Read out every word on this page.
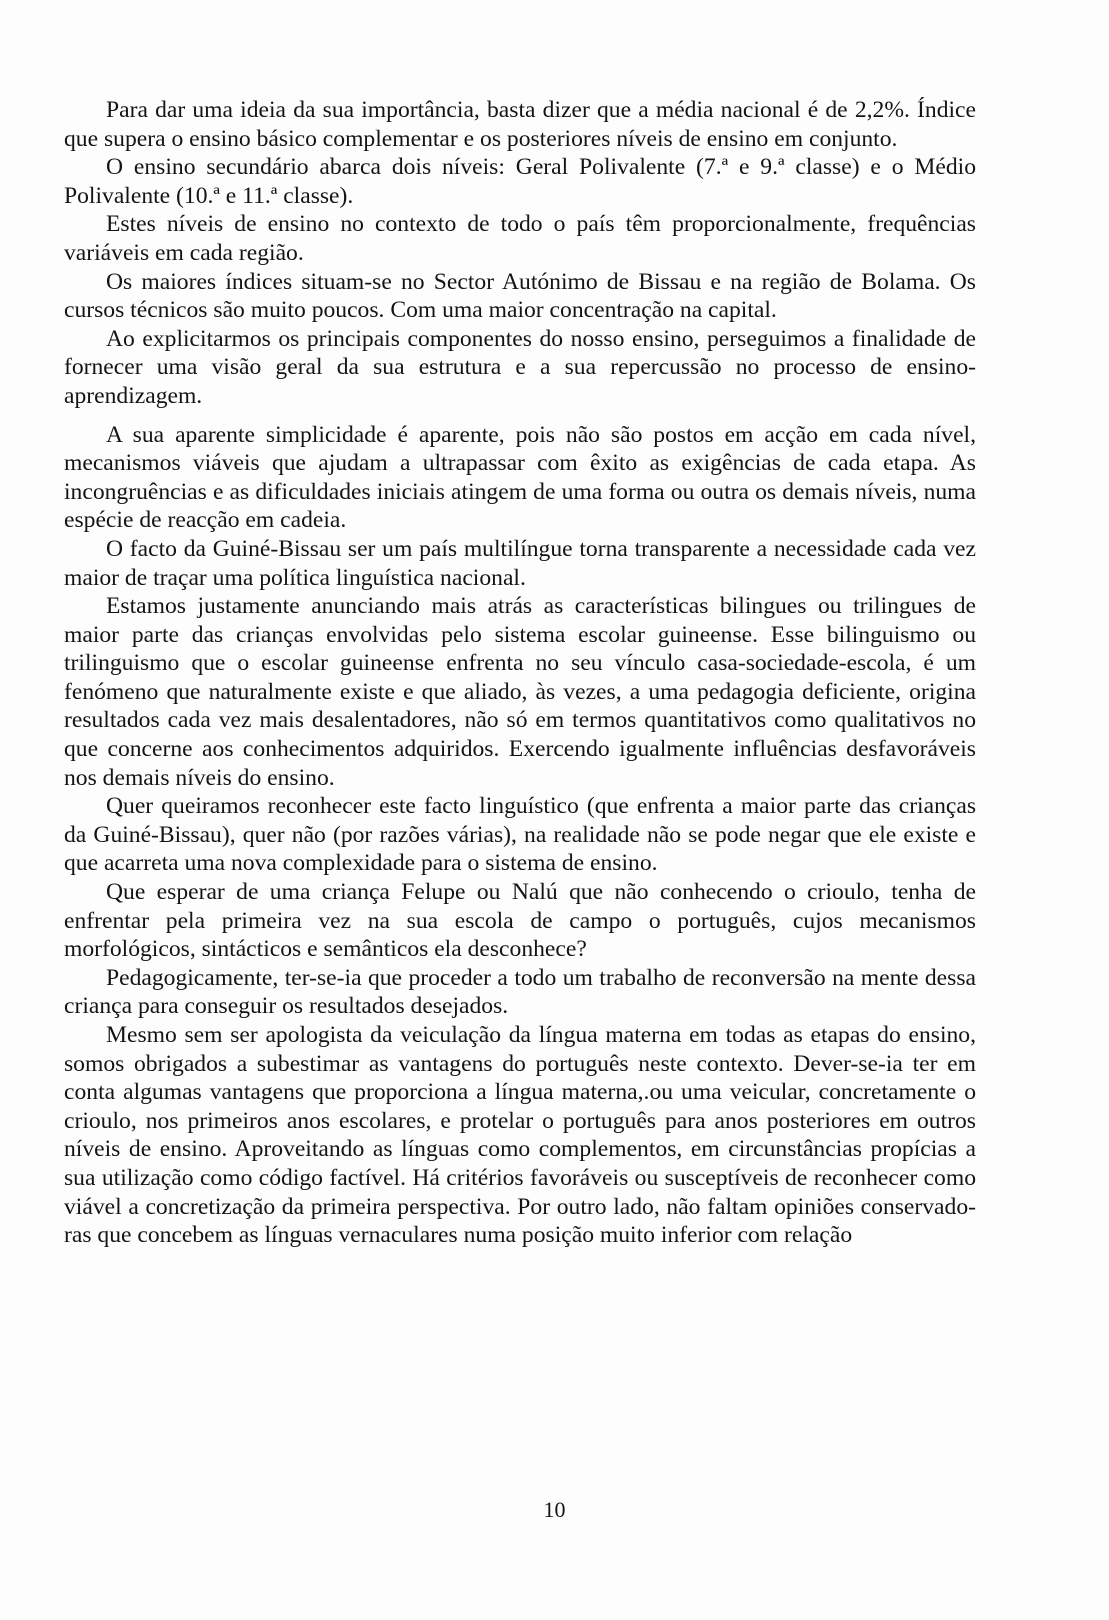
Para dar uma ideia da sua importância, basta dizer que a média nacional é de 2,2%. Índice que supera o ensino básico complementar e os posteriores níveis de ensino em conjunto.

O ensino secundário abarca dois níveis: Geral Polivalente (7.ª e 9.ª classe) e o Médio Polivalente (10.ª e 11.ª classe).

Estes níveis de ensino no contexto de todo o país têm proporcionalmente, frequências variáveis em cada região.

Os maiores índices situam-se no Sector Autónimo de Bissau e na região de Bolama. Os cursos técnicos são muito poucos. Com uma maior concentração na capital.

Ao explicitarmos os principais componentes do nosso ensino, perseguimos a finalidade de fornecer uma visão geral da sua estrutura e a sua repercussão no processo de ensino-aprendizagem.

A sua aparente simplicidade é aparente, pois não são postos em acção em cada nível, mecanismos viáveis que ajudam a ultrapassar com êxito as exigências de cada etapa. As incongruências e as dificuldades iniciais atingem de uma forma ou outra os demais níveis, numa espécie de reacção em cadeia.

O facto da Guiné-Bissau ser um país multilíngue torna transparente a necessidade cada vez maior de traçar uma política linguística nacional.

Estamos justamente anunciando mais atrás as características bilingues ou trilingues de maior parte das crianças envolvidas pelo sistema escolar guineense. Esse bilinguismo ou trilinguismo que o escolar guineense enfrenta no seu vínculo casa-sociedade-escola, é um fenómeno que naturalmente existe e que aliado, às vezes, a uma pedagogia deficiente, origina resultados cada vez mais desalentadores, não só em termos quantitativos como qualitativos no que concerne aos conhecimentos adquiridos. Exercendo igualmente influências desfavoráveis nos demais níveis do ensino.

Quer queiramos reconhecer este facto linguístico (que enfrenta a maior parte das crianças da Guiné-Bissau), quer não (por razões várias), na realidade não se pode negar que ele existe e que acarreta uma nova complexidade para o sistema de ensino.

Que esperar de uma criança Felupe ou Nalú que não conhecendo o crioulo, tenha de enfrentar pela primeira vez na sua escola de campo o português, cujos mecanismos morfológicos, sintácticos e semânticos ela desconhece?

Pedagogicamente, ter-se-ia que proceder a todo um trabalho de reconversão na mente dessa criança para conseguir os resultados desejados.

Mesmo sem ser apologista da veiculação da língua materna em todas as etapas do ensino, somos obrigados a subestimar as vantagens do português neste contexto. Dever-se-ia ter em conta algumas vantagens que proporciona a língua materna,.ou uma veicular, concretamente o crioulo, nos primeiros anos escolares, e protelar o português para anos posteriores em outros níveis de ensino. Aproveitando as línguas como complementos, em circunstâncias propícias a sua utilização como código factível. Há critérios favoráveis ou susceptíveis de reconhecer como viável a concretização da primeira perspectiva. Por outro lado, não faltam opiniões conservadoras que concebem as línguas vernaculares numa posição muito inferior com relação

10
